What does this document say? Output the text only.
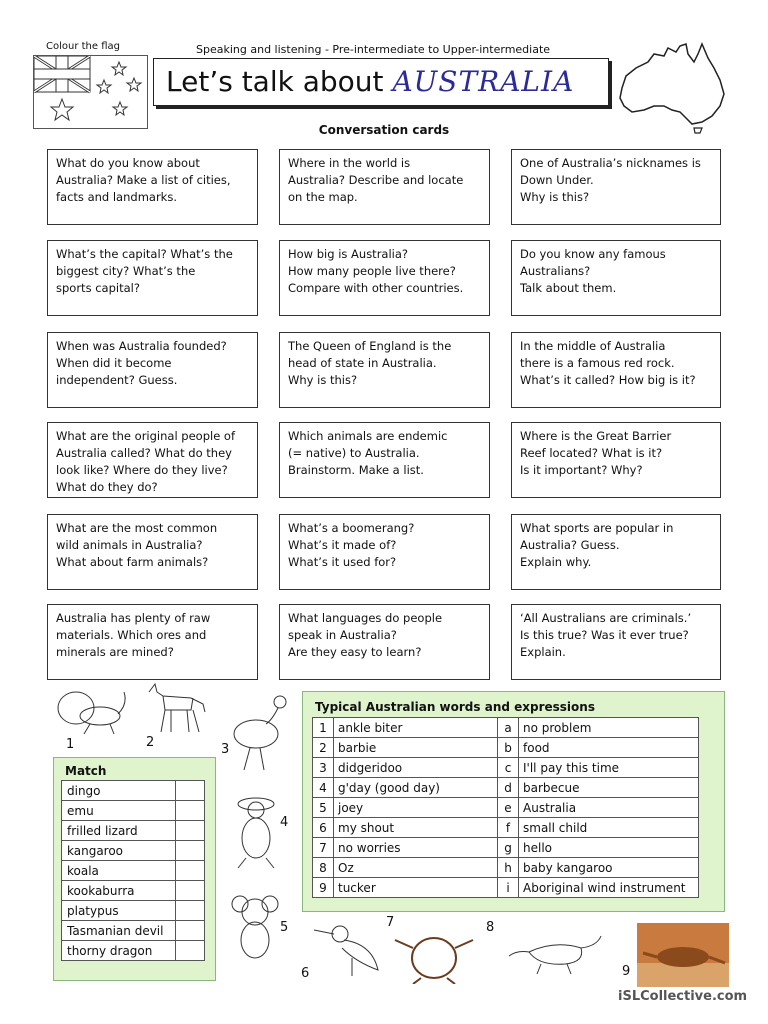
Colour the flag	Speaking and listening - Pre-intermediate to Upper-intermediate
Let’s talk about AUSTRALIA
Conversation cards
What do you know about
Australia? Make a list of cities,
facts and landmarks.
Where in the world is
Australia? Describe and locate
on the map.
One of Australia’s nicknames is
Down Under.
Why is this?
What’s the capital? What’s the
biggest city? What’s the
sports capital?
How big is Australia?
How many people live there?
Compare with other countries.
Do you know any famous
Australians?
Talk about them.
When was Australia founded?
When did it become
independent? Guess.
The Queen of England is the
head of state in Australia.
Why is this?
In the middle of Australia
there is a famous red rock.
What’s it called? How big is it?
What are the original people of
Australia called? What do they
look like? Where do they live?
What do they do?
Which animals are endemic
(= native) to Australia.
Brainstorm. Make a list.
Where is the Great Barrier
Reef located? What is it?
Is it important? Why?
What are the most common
wild animals in Australia?
What about farm animals?
What’s a boomerang?
What’s it made of?
What’s it used for?
What sports are popular in
Australia? Guess.
Explain why.
Australia has plenty of raw
materials. Which ores and
minerals are mined?
What languages do people
speak in Australia?
Are they easy to learn?
‘All Australians are criminals.’
Is this true? Was it ever true?
Explain.
1	2	3
4
5
6
7	8
9
Match
dingo	
emu	
frilled lizard	
kangaroo	
koala	
kookaburra	
platypus	
Tasmanian devil	
thorny dragon	
Typical Australian words and expressions
1	ankle biter	a	no problem
2	barbie	b	food
3	didgeridoo	c	I'll pay this time
4	g'day (good day)	d	barbecue
5	joey	e	Australia
6	my shout	f	small child
7	no worries	g	hello
8	Oz	h	baby kangaroo
9	tucker	i	Aboriginal wind instrument
iSLCollective.com
